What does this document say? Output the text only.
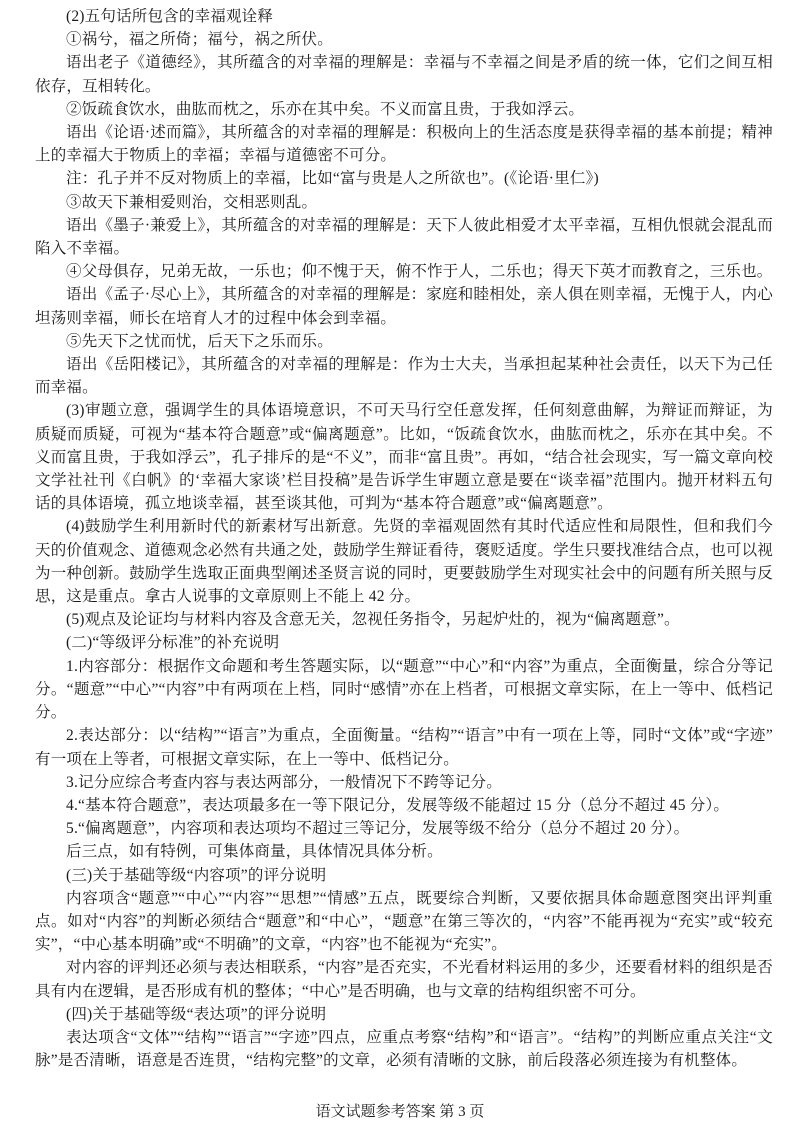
(2)五句话所包含的幸福观诠释

①祸兮，福之所倚；福兮，祸之所伏。

语出老子《道德经》，其所蕴含的对幸福的理解是：幸福与不幸福之间是矛盾的统一体，它们之间互相依存，互相转化。

②饭疏食饮水，曲肱而枕之，乐亦在其中矣。不义而富且贵，于我如浮云。

语出《论语·述而篇》，其所蕴含的对幸福的理解是：积极向上的生活态度是获得幸福的基本前提；精神上的幸福大于物质上的幸福；幸福与道德密不可分。

注：孔子并不反对物质上的幸福，比如“富与贵是人之所欲也”。(《论语·里仁》)

③故天下兼相爱则治，交相恶则乱。

语出《墨子·兼爱上》，其所蕴含的对幸福的理解是：天下人彼此相爱才太平幸福，互相仇恨就会混乱而陷入不幸福。

④父母俱存，兄弟无故，一乐也；仰不愧于天，俯不怍于人，二乐也；得天下英才而教育之，三乐也。

语出《孟子·尽心上》，其所蕴含的对幸福的理解是：家庭和睦相处，亲人俱在则幸福，无愧于人，内心坦荡则幸福，师长在培育人才的过程中体会到幸福。

⑤先天下之忧而忧，后天下之乐而乐。

语出《岳阳楼记》，其所蕴含的对幸福的理解是：作为士大夫，当承担起某种社会责任，以天下为己任而幸福。

(3)审题立意，强调学生的具体语境意识，不可天马行空任意发挥，任何刻意曲解，为辩证而辩证，为质疑而质疑，可视为“基本符合题意”或“偏离题意”。比如，“饭疏食饮水，曲肱而枕之，乐亦在其中矣。不义而富且贵，于我如浮云”，孔子排斥的是“不义”，而非“富且贵”。再如，“结合社会现实，写一篇文章向校文学社社刊《白帆》的‘幸福大家谈’栏目投稿”是告诉学生审题立意是要在“谈幸福”范围内。抛开材料五句话的具体语境，孤立地谈幸福，甚至谈其他，可判为“基本符合题意”或“偏离题意”。

(4)鼓励学生利用新时代的新素材写出新意。先贤的幸福观固然有其时代适应性和局限性，但和我们今天的价值观念、道德观念必然有共通之处，鼓励学生辩证看待，褒贬适度。学生只要找准结合点，也可以视为一种创新。鼓励学生选取正面典型阐述圣贤言说的同时，更要鼓励学生对现实社会中的问题有所关照与反思，这是重点。拿古人说事的文章原则上不能上 42 分。

(5)观点及论证均与材料内容及含意无关，忽视任务指令，另起炉灶的，视为“偏离题意”。

(二)“等级评分标准”的补充说明

1.内容部分：根据作文命题和考生答题实际，以“题意”“中心”和“内容”为重点，全面衡量，综合分等记分。“题意”“中心”“内容”中有两项在上档，同时“感情”亦在上档者，可根据文章实际，在上一等中、低档记分。

2.表达部分：以“结构”“语言”为重点，全面衡量。“结构”“语言”中有一项在上等，同时“文体”或“字迹”有一项在上等者，可根据文章实际，在上一等中、低档记分。

3.记分应综合考查内容与表达两部分，一般情况下不跨等记分。

4.“基本符合题意”，表达项最多在一等下限记分，发展等级不能超过 15 分（总分不超过 45 分）。

5.“偏离题意”，内容项和表达项均不超过三等记分，发展等级不给分（总分不超过 20 分）。

后三点，如有特例，可集体商量，具体情况具体分析。

(三)关于基础等级“内容项”的评分说明

内容项含“题意”“中心”“内容”“思想”“情感”五点，既要综合判断，又要依据具体命题意图突出评判重点。如对“内容”的判断必须结合“题意”和“中心”，“题意”在第三等次的，“内容”不能再视为“充实”或“较充实”，“中心基本明确”或“不明确”的文章，“内容”也不能视为“充实”。

对内容的评判还必须与表达相联系，“内容”是否充实，不光看材料运用的多少，还要看材料的组织是否具有内在逻辑，是否形成有机的整体；“中心”是否明确，也与文章的结构组织密不可分。

(四)关于基础等级“表达项”的评分说明

表达项含“文体”“结构”“语言”“字迹”四点，应重点考察“结构”和“语言”。“结构”的判断应重点关注“文脉”是否清晰，语意是否连贯，“结构完整”的文章，必须有清晰的文脉，前后段落必须连接为有机整体。

语文试题参考答案 第 3 页
